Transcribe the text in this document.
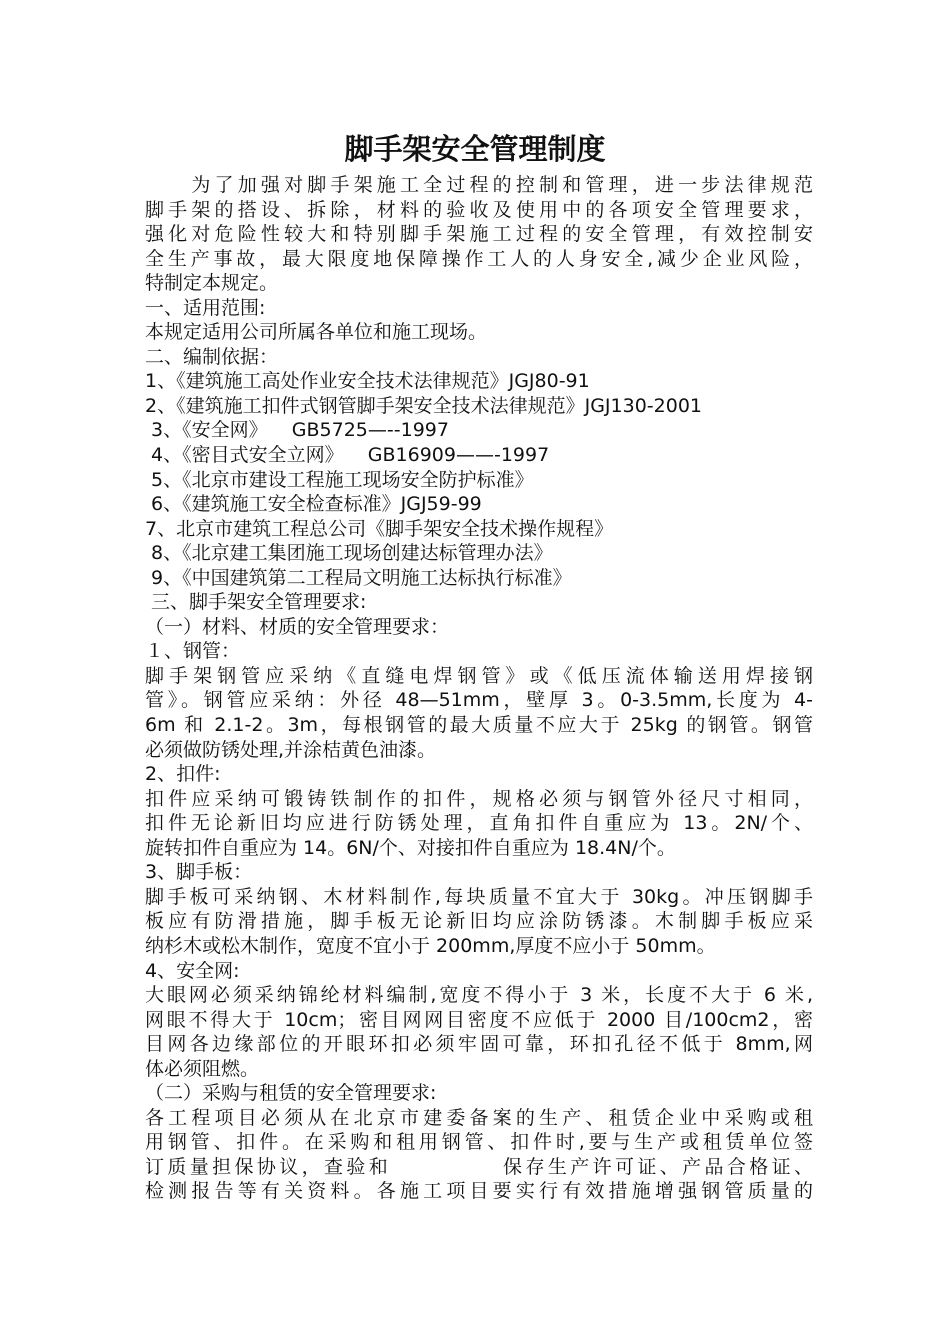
脚手架安全管理制度
　　为了加强对脚手架施工全过程的控制和管理，进一步法律规范
脚手架的搭设、拆除，材料的验收及使用中的各项安全管理要求，
强化对危险性较大和特别脚手架施工过程的安全管理，有效控制安
全生产事故，最大限度地保障操作工人的人身安全,减少企业风险，
特制定本规定。
一、适用范围:
本规定适用公司所属各单位和施工现场。
二、编制依据：
1、《建筑施工高处作业安全技术法律规范》JGJ80-91
2、《建筑施工扣件式钢管脚手架安全技术法律规范》JGJ130-2001
3、《安全网》    GB5725—--1997
4、《密目式安全立网》    GB16909——-1997
5、《北京市建设工程施工现场安全防护标准》
6、《建筑施工安全检查标准》JGJ59-99
7、北京市建筑工程总公司《脚手架安全技术操作规程》
8、《北京建工集团施工现场创建达标管理办法》
9、《中国建筑第二工程局文明施工达标执行标准》
三、脚手架安全管理要求:
（一）材料、材质的安全管理要求：
１、钢管：
脚手架钢管应采纳《直缝电焊钢管》或《低压流体输送用焊接钢
管》。钢管应采纳：外径 48—51mm，壁厚 3。0-3.5mm,长度为 4-
6m 和 2.1-2。3m，每根钢管的最大质量不应大于 25kg 的钢管。钢管
必须做防锈处理,并涂桔黄色油漆。
2、扣件:
扣件应采纳可锻铸铁制作的扣件，规格必须与钢管外径尺寸相同，
扣件无论新旧均应进行防锈处理，直角扣件自重应为 13。2N/个、
旋转扣件自重应为 14。6N/个、对接扣件自重应为 18.4N/个。
3、脚手板：
脚手板可采纳钢、木材料制作,每块质量不宜大于 30kg。冲压钢脚手
板应有防滑措施，脚手板无论新旧均应涂防锈漆。木制脚手板应采
纳杉木或松木制作，宽度不宜小于 200mm,厚度不应小于 50mm。
4、安全网:
大眼网必须采纳锦纶材料编制,宽度不得小于 3 米，长度不大于 6 米,
网眼不得大于 10cm；密目网网目密度不应低于 2000 目/100cm2，密
目网各边缘部位的开眼环扣必须牢固可靠，环扣孔径不低于 8mm,网
体必须阻燃。
（二）采购与租赁的安全管理要求:
各工程项目必须从在北京市建委备案的生产、租赁企业中采购或租
用钢管、扣件。在采购和租用钢管、扣件时,要与生产或租赁单位签
订质量担保协议，查验和　　　　　保存生产许可证、产品合格证、
检测报告等有关资料。各施工项目要实行有效措施增强钢管质量的
